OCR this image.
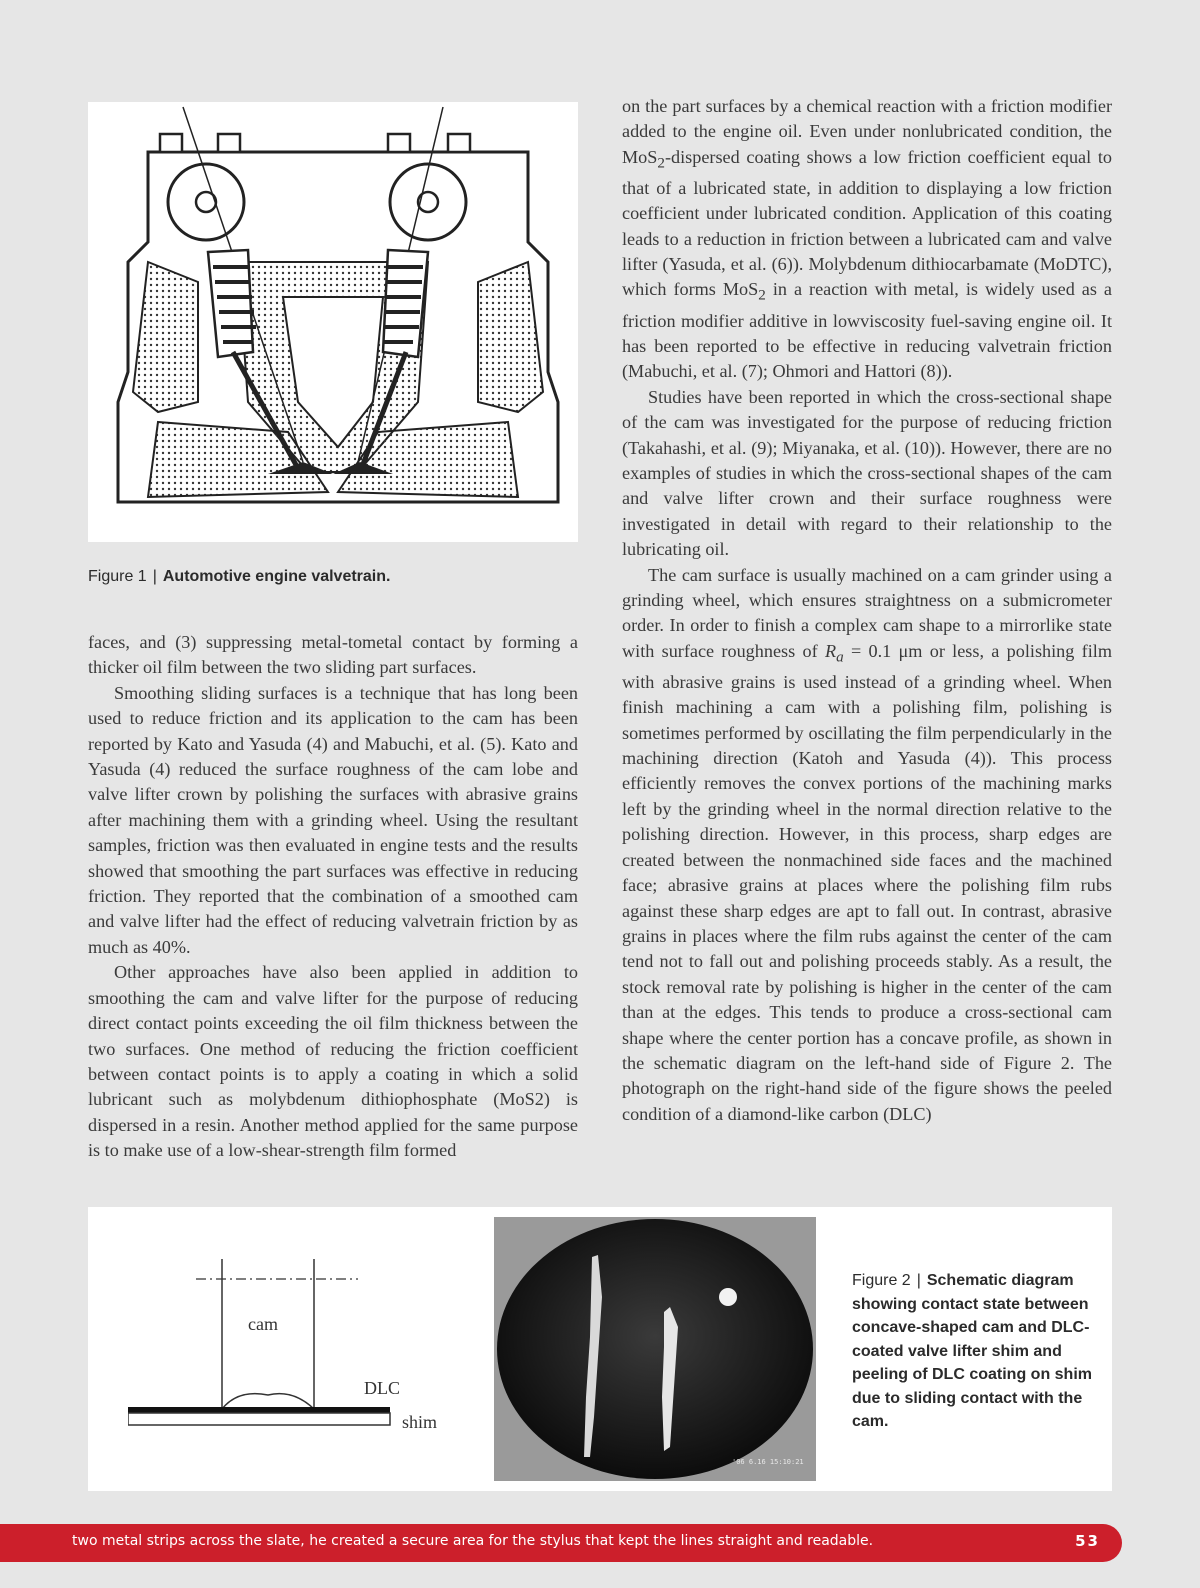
Figure 1 | Automotive engine valvetrain.

faces, and (3) suppressing metal-tometal contact by forming a thicker oil film between the two sliding part surfaces.

Smoothing sliding surfaces is a technique that has long been used to reduce friction and its application to the cam has been reported by Kato and Yasuda (4) and Mabuchi, et al. (5). Kato and Yasuda (4) reduced the surface roughness of the cam lobe and valve lifter crown by polishing the surfaces with abrasive grains after machining them with a grinding wheel. Using the resultant samples, friction was then evaluated in engine tests and the results showed that smoothing the part surfaces was effective in reducing friction. They reported that the combination of a smoothed cam and valve lifter had the effect of reducing valvetrain friction by as much as 40%.

Other approaches have also been applied in addition to smoothing the cam and valve lifter for the purpose of reducing direct contact points exceeding the oil film thickness between the two surfaces. One method of reducing the friction coefficient between contact points is to apply a coating in which a solid lubricant such as molybdenum dithiophosphate (MoS2) is dispersed in a resin. Another method applied for the same purpose is to make use of a low-shear-strength film formed

on the part surfaces by a chemical reaction with a friction modifier added to the engine oil. Even under nonlubricated condition, the MoS$_2$-dispersed coating shows a low friction coefficient equal to that of a lubricated state, in addition to displaying a low friction coefficient under lubricated condition. Application of this coating leads to a reduction in friction between a lubricated cam and valve lifter (Yasuda, et al. (6)). Molybdenum dithiocarbamate (MoDTC), which forms MoS$_2$ in a reaction with metal, is widely used as a friction modifier additive in lowviscosity fuel-saving engine oil. It has been reported to be effective in reducing valvetrain friction (Mabuchi, et al. (7); Ohmori and Hattori (8)).

Studies have been reported in which the cross-sectional shape of the cam was investigated for the purpose of reducing friction (Takahashi, et al. (9); Miyanaka, et al. (10)). However, there are no examples of studies in which the cross-sectional shapes of the cam and valve lifter crown and their surface roughness were investigated in detail with regard to their relationship to the lubricating oil.

The cam surface is usually machined on a cam grinder using a grinding wheel, which ensures straightness on a submicrometer order. In order to finish a complex cam shape to a mirrorlike state with surface roughness of $R_a = 0.1$ μm or less, a polishing film with abrasive grains is used instead of a grinding wheel. When finish machining a cam with a polishing film, polishing is sometimes performed by oscillating the film perpendicularly in the machining direction (Katoh and Yasuda (4)). This process efficiently removes the convex portions of the machining marks left by the grinding wheel in the normal direction relative to the polishing direction. However, in this process, sharp edges are created between the nonmachined side faces and the machined face; abrasive grains at places where the polishing film rubs against these sharp edges are apt to fall out. In contrast, abrasive grains in places where the film rubs against the center of the cam tend not to fall out and polishing proceeds stably. As a result, the stock removal rate by polishing is higher in the center of the cam than at the edges. This tends to produce a cross-sectional cam shape where the center portion has a concave profile, as shown in the schematic diagram on the left-hand side of Figure 2. The photograph on the right-hand side of the figure shows the peeled condition of a diamond-like carbon (DLC)

cam
DLC
shim
'06 6.16 15:10:21
Figure 2 | Schematic diagram showing contact state between concave-shaped cam and DLC-coated valve lifter shim and peeling of DLC coating on shim due to sliding contact with the cam.
two metal strips across the slate, he created a secure area for the stylus that kept the lines straight and readable.	53
